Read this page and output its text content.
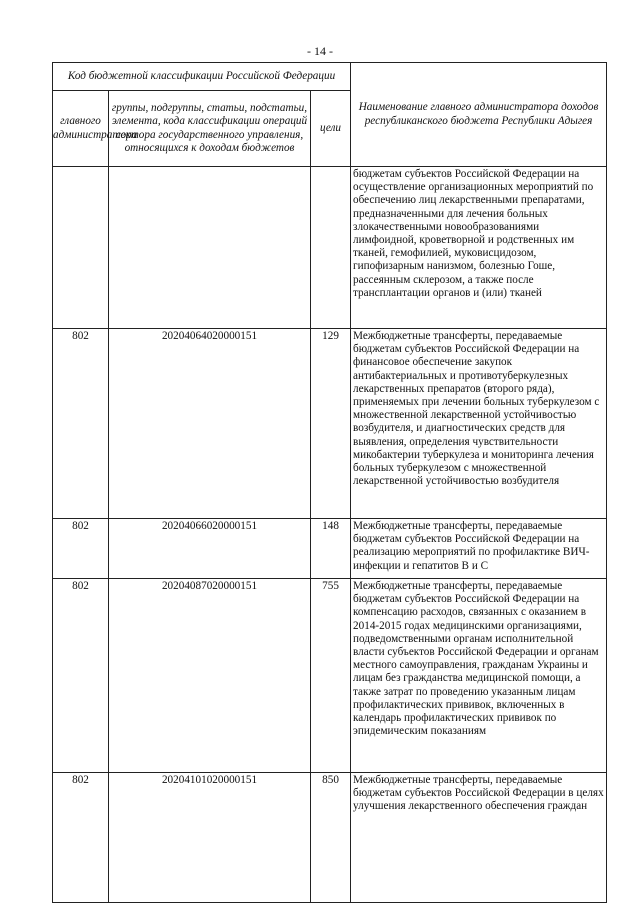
- 14 -
Код бюджетной классификации Российской Федерации			Наименование главного администратора доходов республиканского бюджета Республики Адыгея
главного администратора	группы, подгруппы, статьи, подстатьи, элемента, кода классификации операций сектора государственного управления, относящихся к доходам бюджетов	цели	
			бюджетам субъектов Российской Федерации на осуществление организационных мероприятий по обеспечению лиц лекарственными препаратами, предназначенными для лечения больных злокачественными новообразованиями лимфоидной, кроветворной и родственных им тканей, гемофилией, муковисцидозом, гипофизарным нанизмом, болезнью Гоше, рассеянным склерозом, а также после трансплантации органов и (или) тканей
802	20204064020000151	129	Межбюджетные трансферты, передаваемые бюджетам субъектов Российской Федерации на финансовое обеспечение закупок антибактериальных и противотуберкулезных лекарственных препаратов (второго ряда), применяемых при лечении больных туберкулезом с множественной лекарственной устойчивостью возбудителя, и диагностических средств для выявления, определения чувствительности микобактерии туберкулеза и мониторинга лечения больных туберкулезом с множественной лекарственной устойчивостью возбудителя
802	20204066020000151	148	Межбюджетные трансферты, передаваемые бюджетам субъектов Российской Федерации на реализацию мероприятий по профилактике ВИЧ-инфекции и гепатитов В и С
802	20204087020000151	755	Межбюджетные трансферты, передаваемые бюджетам субъектов Российской Федерации на компенсацию расходов, связанных с оказанием в 2014-2015 годах медицинскими организациями, подведомственными органам исполнительной власти субъектов Российской Федерации и органам местного самоуправления, гражданам Украины и лицам без гражданства медицинской помощи, а также затрат по проведению указанным лицам профилактических прививок, включенных в календарь профилактических прививок по эпидемическим показаниям
802	20204101020000151	850	Межбюджетные трансферты, передаваемые бюджетам субъектов Российской Федерации в целях улучшения лекарственного обеспечения граждан
